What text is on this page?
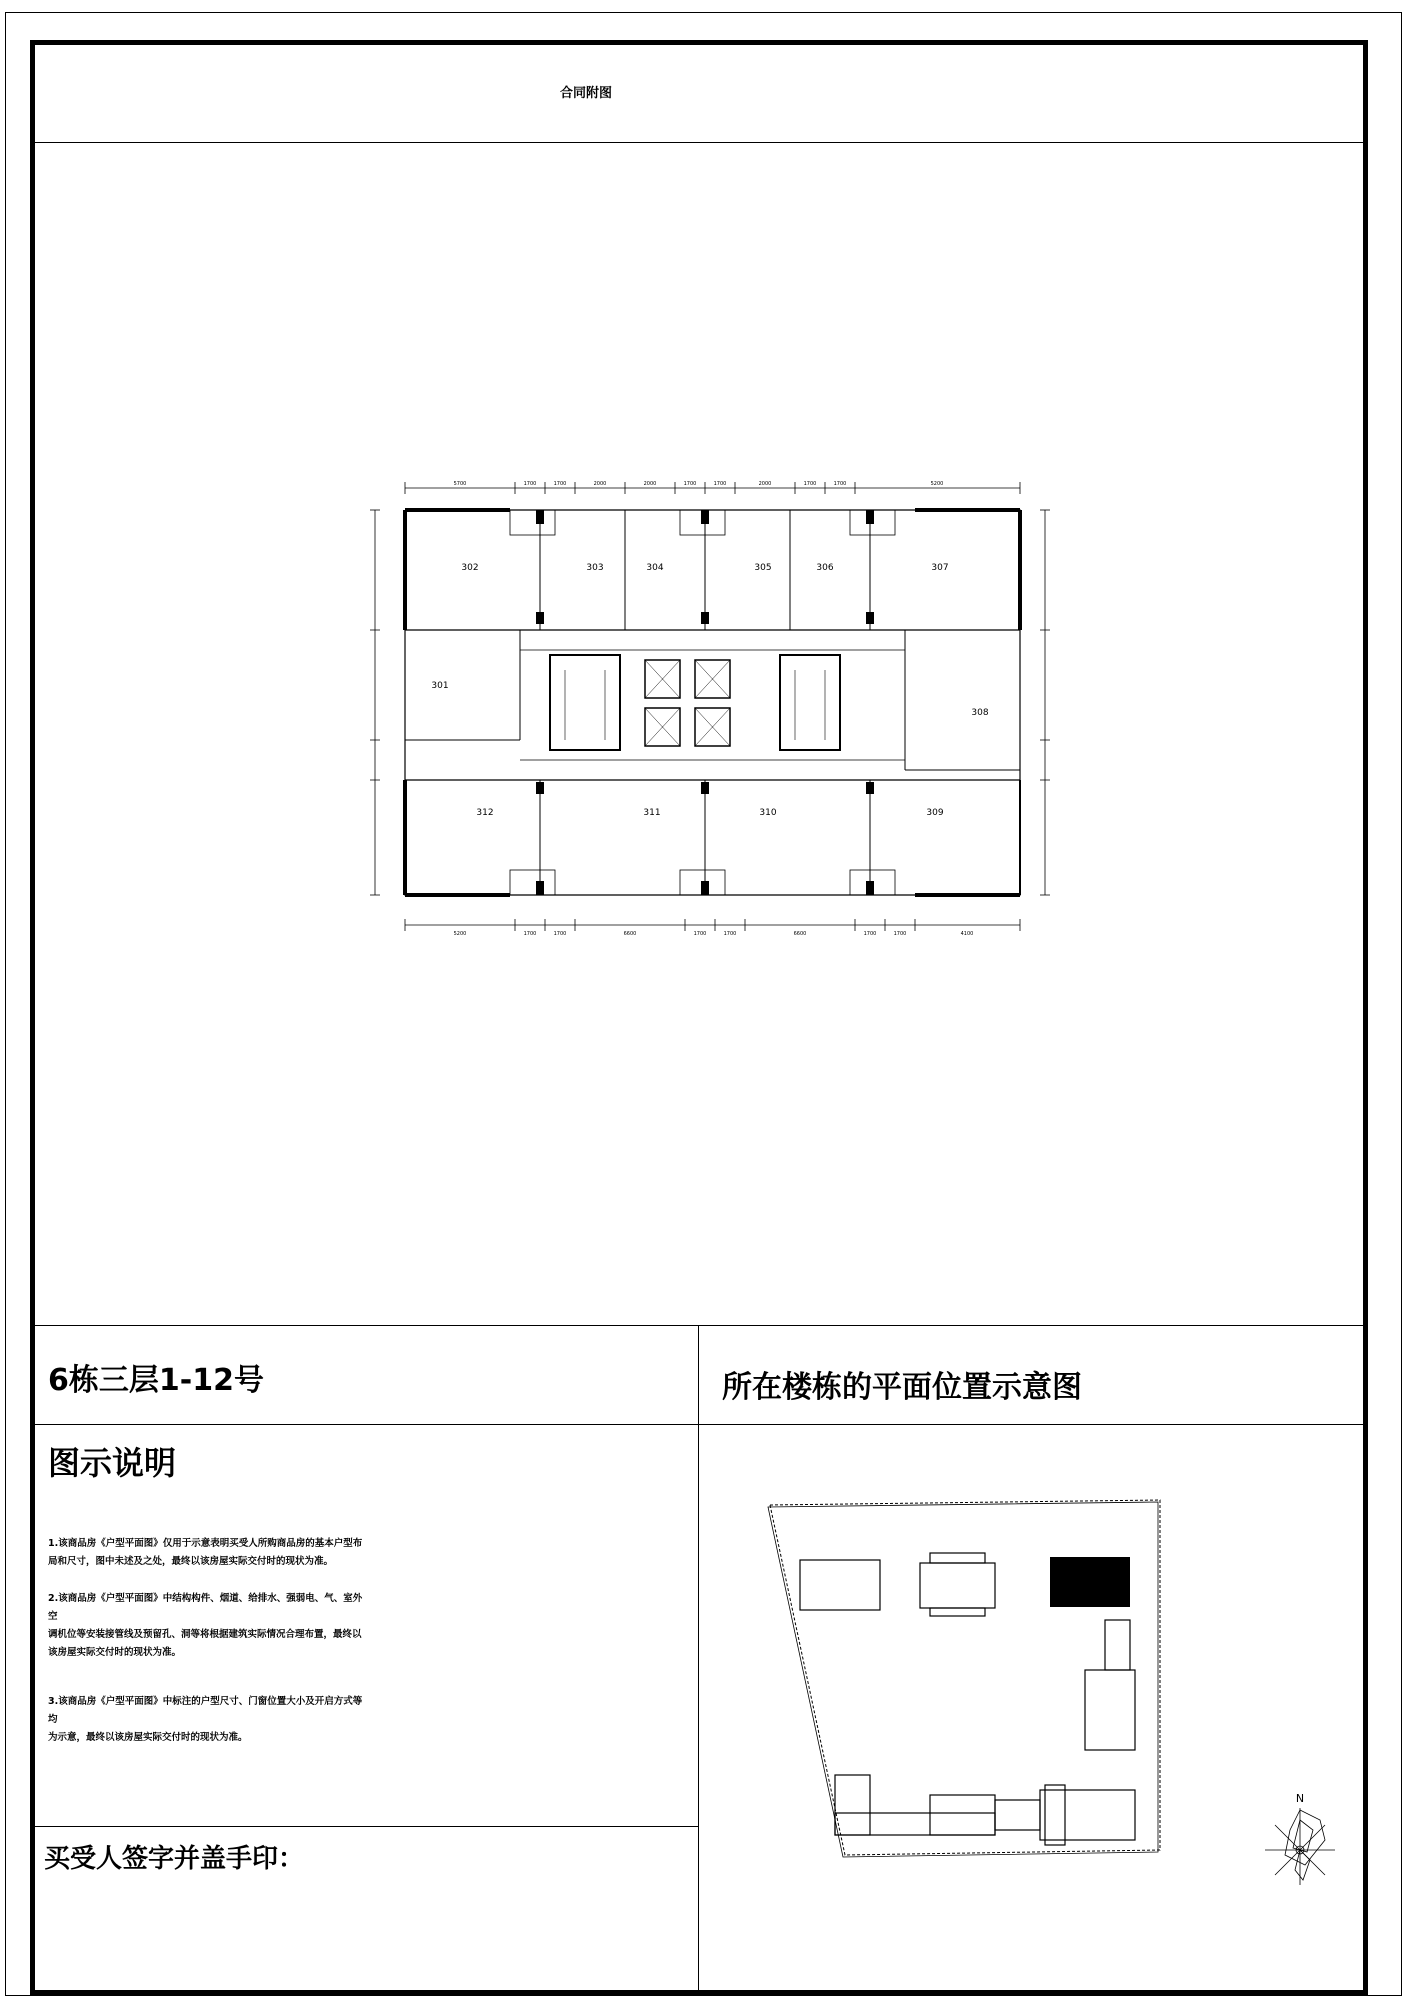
合同附图
5700	1700	1700	2000	2000	1700	1700	2000	1700	1700	5200
5200	1700	1700	6600	1700	1700	6600	1700	1700	4100
301
302	303	304	305	306	307
308
309
310
311
312
6栋三层1-12号	所在楼栋的平面位置示意图
图示说明
1.该商品房《户型平面图》仅用于示意表明买受人所购商品房的基本户型布
局和尺寸，图中未述及之处，最终以该房屋实际交付时的现状为准。
2.该商品房《户型平面图》中结构构件、烟道、给排水、强弱电、气、室外
空
调机位等安装接管线及预留孔、洞等将根据建筑实际情况合理布置，最终以
该房屋实际交付时的现状为准。
3.该商品房《户型平面图》中标注的户型尺寸、门窗位置大小及开启方式等
均
为示意，最终以该房屋实际交付时的现状为准。
买受人签字并盖手印：
N
